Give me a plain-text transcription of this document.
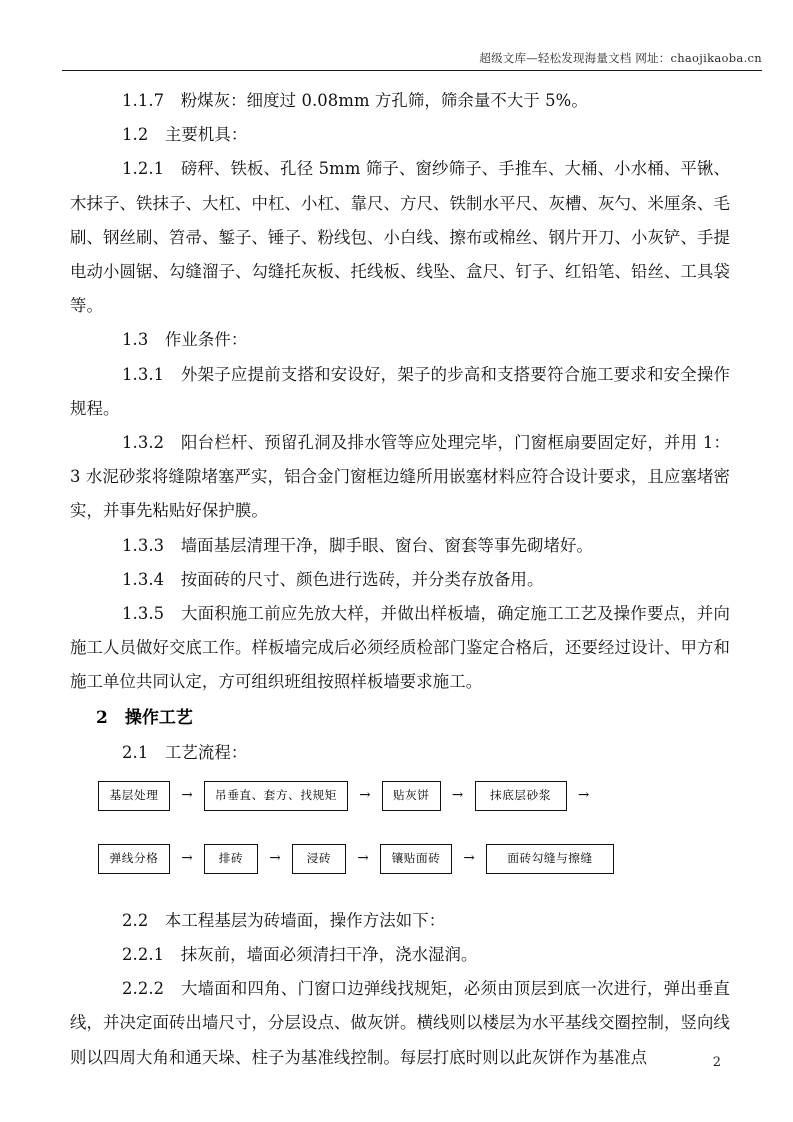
超级文库—轻松发现海量文档 网址：chaojikaoba.cn

1.1.7　粉煤灰：细度过 0.08mm 方孔筛，筛余量不大于 5%。

1.2　主要机具：

1.2.1　磅秤、铁板、孔径 5mm 筛子、窗纱筛子、手推车、大桶、小水桶、平锹、木抹子、铁抹子、大杠、中杠、小杠、靠尺、方尺、铁制水平尺、灰槽、灰勺、米厘条、毛刷、钢丝刷、笤帚、錾子、锤子、粉线包、小白线、擦布或棉丝、钢片开刀、小灰铲、手提电动小圆锯、勾缝溜子、勾缝托灰板、托线板、线坠、盒尺、钉子、红铅笔、铅丝、工具袋等。

1.3　作业条件：

1.3.1　外架子应提前支搭和安设好，架子的步高和支搭要符合施工要求和安全操作规程。

1.3.2　阳台栏杆、预留孔洞及排水管等应处理完毕，门窗框扇要固定好，并用 1：3 水泥砂浆将缝隙堵塞严实，铝合金门窗框边缝所用嵌塞材料应符合设计要求，且应塞堵密实，并事先粘贴好保护膜。

1.3.3　墙面基层清理干净，脚手眼、窗台、窗套等事先砌堵好。

1.3.4　按面砖的尺寸、颜色进行选砖，并分类存放备用。

1.3.5　大面积施工前应先放大样，并做出样板墙，确定施工工艺及操作要点，并向施工人员做好交底工作。样板墙完成后必须经质检部门鉴定合格后，还要经过设计、甲方和施工单位共同认定，方可组织班组按照样板墙要求施工。

2　操作工艺

2.1　工艺流程：

基层处理	→	吊垂直、套方、找规矩	→	贴灰饼	→	抹底层砂浆	→
弹线分格	→	排砖	→	浸砖	→	镶贴面砖	→	面砖勾缝与擦缝

2.2　本工程基层为砖墙面，操作方法如下：

2.2.1　抹灰前，墙面必须清扫干净，浇水湿润。

2.2.2　大墙面和四角、门窗口边弹线找规矩，必须由顶层到底一次进行，弹出垂直线，并决定面砖出墙尺寸，分层设点、做灰饼。横线则以楼层为水平基线交圈控制，竖向线则以四周大角和通天垛、柱子为基准线控制。每层打底时则以此灰饼作为基准点	2
